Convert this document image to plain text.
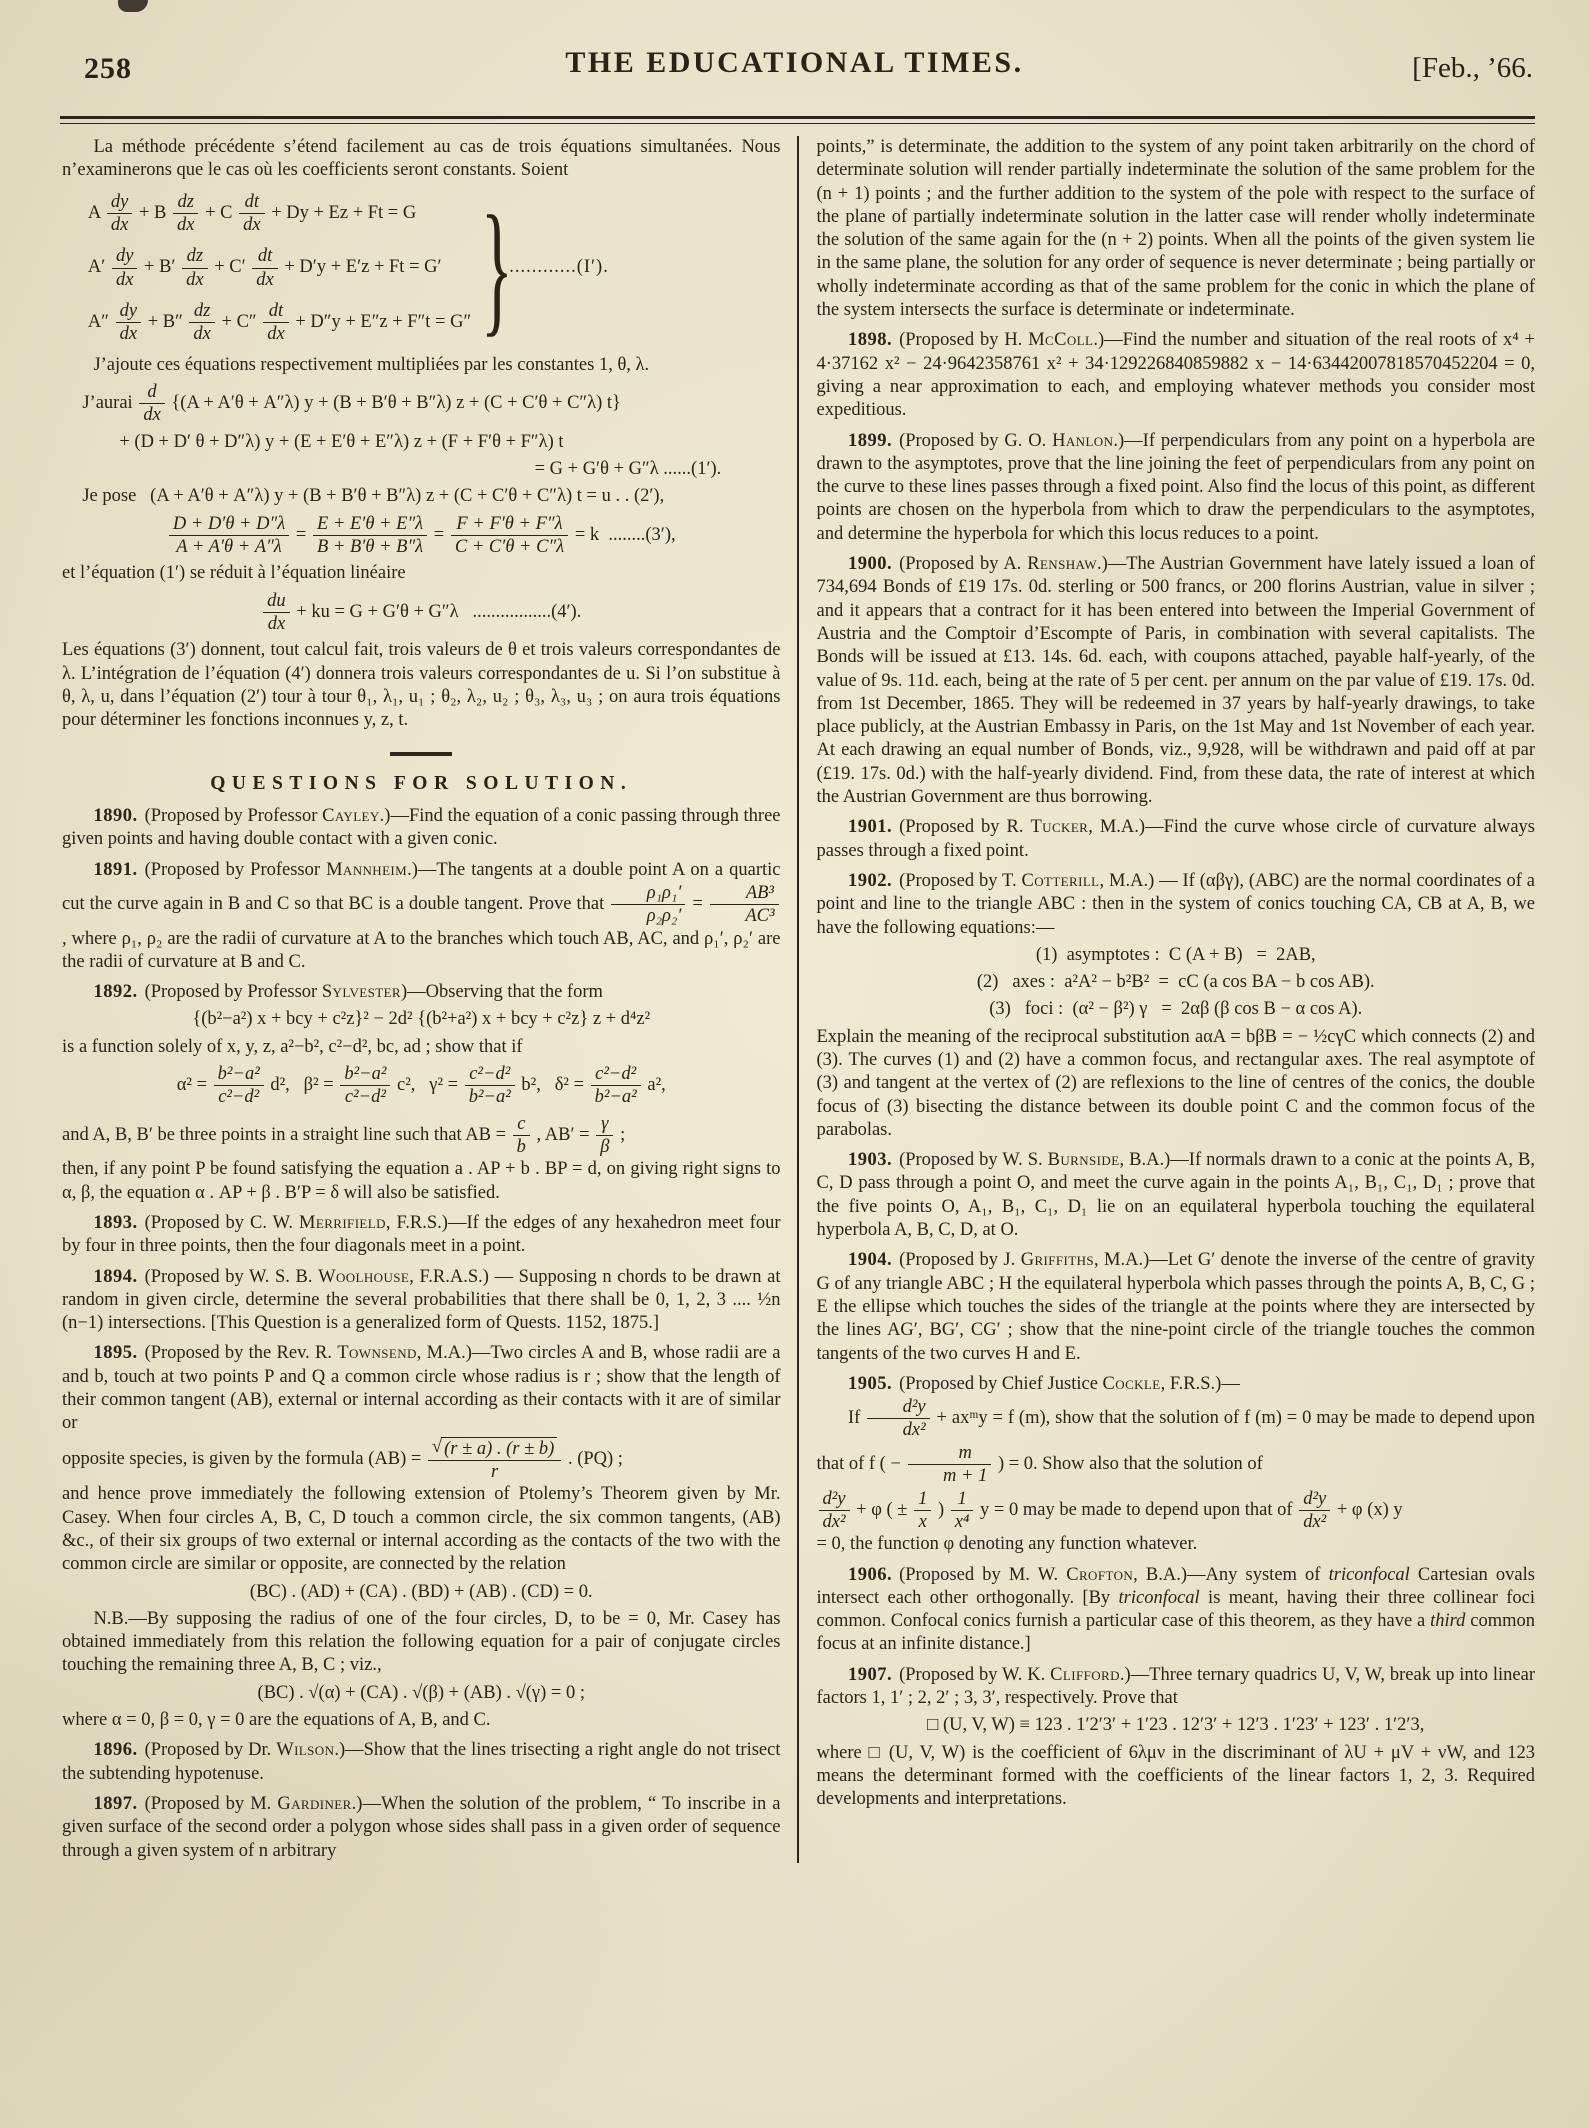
258	THE EDUCATIONAL TIMES.	[Feb., ’66.

La méthode précédente s’étend facilement au cas de trois équations simultanées. Nous n’examinerons que le cas où les coefficients seront constants. Soient

A $\frac{dy}{dx} + B \frac{dz}{dx} + C \frac{dt}{dx} + Dy + Ez + Ft = G$
$A' \frac{dy}{dx} + B' \frac{dz}{dx} + C' \frac{dt}{dx} + D'y + E'z + Ft = G'$
$A'' \frac{dy}{dx} + B'' \frac{dz}{dx} + C'' \frac{dt}{dx} + D''y + E''z + F''t = G''$ }
............(I′).

J’ajoute ces équations respectivement multipliées par les constantes 1, θ, λ.

J’aurai $\frac{d}{dx} \{(A + A'\theta + A''\lambda) y + (B + B'\theta + B''\lambda) z + (C + C'\theta + C''\lambda)$ t}
+ (D + D′ θ + D″λ) y + (E + E′θ + E″λ) z + (F + F′θ + F″λ) t
= G + G′θ + G″λ ......(1′).
Je pose   (A + A′θ + A″λ) y + (B + B′θ + B″λ) z + (C + C′θ + C″λ) t = u . . (2′),
$\frac{D + D'\theta + D''\lambda}{A + A'\theta + A''\lambda} = \frac{E + E'\theta + E''\lambda}{B + B'\theta + B''\lambda} = \frac{F + F'\theta + F''\lambda}{C + C'\theta + C''\lambda} = k$  ........(3′),

et l’équation (1′) se réduit à l’équation linéaire

$\frac{du}{dx}$ + ku = G + G′θ + G″λ   .................(4′).

Les équations (3′) donnent, tout calcul fait, trois valeurs de θ et trois valeurs correspondantes de λ. L’intégration de l’équation (4′) donnera trois valeurs correspondantes de u. Si l’on substitue à θ, λ, u, dans l’équation (2′) tour à tour θ₁, λ₁, u₁ ; θ₂, λ₂, u₂ ; θ₃, λ₃, u₃ ; on aura trois équations pour déterminer les fonctions inconnues y, z, t.

QUESTIONS FOR SOLUTION.

1890. (Proposed by Professor Cayley.)—Find the equation of a conic passing through three given points and having double contact with a given conic.

1891. (Proposed by Professor Mannheim.)—The tangents at a double point A on a quartic cut the curve again in B and C so that BC is a double tangent. Prove that $\frac{\text{ρ₁ρ₁′}}{\text{ρ₂ρ₂′}} = \frac{\text{AB³}}{\text{AC³}}$
, where ρ₁, ρ₂ are the radii of curvature at A to the branches which touch AB, AC, and ρ₁′, ρ₂′ are the radii of curvature at B and C.

1892. (Proposed by Professor Sylvester)—Observing that the form

{(b²−a²) x + bcy + c²z}² − 2d² {(b²+a²) x + bcy + c²z} z + d⁴z²

is a function solely of x, y, z, a²−b², c²−d², bc, ad ; show that if

$\alpha^2 = \frac{\text{b²−a²}}{\text{c²−d²}} d^2$,   $\beta^2 = \frac{\text{b²−a²}}{\text{c²−d²}} c^2$,   $\gamma^2 = \frac{\text{c²−d²}}{\text{b²−a²}} b^2$,   $\delta^2 = \frac{\text{c²−d²}}{\text{b²−a²}} a^2$,

and A, B, B′ be three points in a straight line such that AB = $\frac{c}{b}$ , $AB' = \frac{\gamma}{\beta}$ ;

then, if any point P be found satisfying the equation a . AP + b . BP = d, on giving right signs to α, β, the equation α . AP + β . B′P = δ will also be satisfied.

1893. (Proposed by C. W. Merrifield, F.R.S.)—If the edges of any hexahedron meet four by four in three points, then the four diagonals meet in a point.

1894. (Proposed by W. S. B. Woolhouse, F.R.A.S.) — Supposing n chords to be drawn at random in given circle, determine the several probabilities that there shall be 0, 1, 2, 3 .... ½n (n−1) intersections. [This Question is a generalized form of Quests. 1152, 1875.]

1895. (Proposed by the Rev. R. Townsend, M.A.)—Two circles A and B, whose radii are a and b, touch at two points P and Q a common circle whose radius is r ; show that the length of their common tangent (AB), external or internal according as their contacts with it are of similar or

opposite species, is given by the formula $(AB) = \frac{√ (r \pm a) . (r \pm b)}{r}$ . (PQ) ;

and hence prove immediately the following extension of Ptolemy’s Theorem given by Mr. Casey. When four circles A, B, C, D touch a common circle, the six common tangents, (AB) &c., of their six groups of two external or internal according as the contacts of the two with the common circle are similar or opposite, are connected by the relation

(BC) . (AD) + (CA) . (BD) + (AB) . (CD) = 0.

N.B.—By supposing the radius of one of the four circles, D, to be = 0, Mr. Casey has obtained immediately from this relation the following equation for a pair of conjugate circles touching the remaining three A, B, C ; viz.,

(BC) . √(α) + (CA) . √(β) + (AB) . √(γ) = 0 ;

where α = 0, β = 0, γ = 0 are the equations of A, B, and C.

1896. (Proposed by Dr. Wilson.)—Show that the lines trisecting a right angle do not trisect the subtending hypotenuse.

1897. (Proposed by M. Gardiner.)—When the solution of the problem, “ To inscribe in a given surface of the second order a polygon whose sides shall pass in a given order of sequence through a given system of n arbitrary

points,” is determinate, the addition to the system of any point taken arbitrarily on the chord of determinate solution will render partially indeterminate the solution of the same problem for the (n + 1) points ; and the further addition to the system of the pole with respect to the surface of the plane of partially indeterminate solution in the latter case will render wholly indeterminate the solution of the same again for the (n + 2) points. When all the points of the given system lie in the same plane, the solution for any order of sequence is never determinate ; being partially or wholly indeterminate according as that of the same problem for the conic in which the plane of the system intersects the surface is determinate or indeterminate.

1898. (Proposed by H. McColl.)—Find the number and situation of the real roots of x⁴ + 4·37162 x² − 24·9642358761 x² + 34·129226840859882 x − 14·63442007818570452204 = 0, giving a near approximation to each, and employing whatever methods you consider most expeditious.

1899. (Proposed by G. O. Hanlon.)—If perpendiculars from any point on a hyperbola are drawn to the asymptotes, prove that the line joining the feet of perpendiculars from any point on the curve to these lines passes through a fixed point. Also find the locus of this point, as different points are chosen on the hyperbola from which to draw the perpendiculars to the asymptotes, and determine the hyperbola for which this locus reduces to a point.

1900. (Proposed by A. Renshaw.)—The Austrian Government have lately issued a loan of 734,694 Bonds of £19 17s. 0d. sterling or 500 francs, or 200 florins Austrian, value in silver ; and it appears that a contract for it has been entered into between the Imperial Government of Austria and the Comptoir d’Escompte of Paris, in combination with several capitalists. The Bonds will be issued at £13. 14s. 6d. each, with coupons attached, payable half-yearly, of the value of 9s. 11d. each, being at the rate of 5 per cent. per annum on the par value of £19. 17s. 0d. from 1st December, 1865. They will be redeemed in 37 years by half-yearly drawings, to take place publicly, at the Austrian Embassy in Paris, on the 1st May and 1st November of each year. At each drawing an equal number of Bonds, viz., 9,928, will be withdrawn and paid off at par (£19. 17s. 0d.) with the half-yearly dividend. Find, from these data, the rate of interest at which the Austrian Government are thus borrowing.

1901. (Proposed by R. Tucker, M.A.)—Find the curve whose circle of curvature always passes through a fixed point.

1902. (Proposed by T. Cotterill, M.A.) — If (αβγ), (ABC) are the normal coordinates of a point and line to the triangle ABC : then in the system of conics touching CA, CB at A, B, we have the following equations:—

(1)  asymptotes :  C (A + B)   =  2AB,
(2)   axes :  a²A² − b²B²  =  cC (a cos BA − b cos AB).
(3)   foci :  (α² − β²) γ   =  2αβ (β cos B − α cos A).

Explain the meaning of the reciprocal substitution aαA = bβB = − ½cγC which connects (2) and (3). The curves (1) and (2) have a common focus, and rectangular axes. The real asymptote of (3) and tangent at the vertex of (2) are reflexions to the line of centres of the conics, the double focus of (3) bisecting the distance between its double point C and the common focus of the parabolas.

1903. (Proposed by W. S. Burnside, B.A.)—If normals drawn to a conic at the points A, B, C, D pass through a point O, and meet the curve again in the points A₁, B₁, C₁, D₁ ; prove that the five points O, A₁, B₁, C₁, D₁ lie on an equilateral hyperbola touching the equilateral hyperbola A, B, C, D, at O.

1904. (Proposed by J. Griffiths, M.A.)—Let G′ denote the inverse of the centre of gravity G of any triangle ABC ; H the equilateral hyperbola which passes through the points A, B, C, G ; E the ellipse which touches the sides of the triangle at the points where they are intersected by the lines AG′, BG′, CG′ ; show that the nine-point circle of the triangle touches the common tangents of the two curves H and E.

1905. (Proposed by Chief Justice Cockle, F.R.S.)—

If $\frac{\text{d²y}}{\text{dx²}}$ + axᵐy = f (m), show that the solution of f (m) = 0 may be made to depend upon that of f ( − $\frac{m}{m + 1}$ ) = 0. Show also that the solution of

$\frac{\text{d²y}}{\text{dx²}} + \varphi$ ( ± $\frac{1}{x}$ ) $\frac{1}{\text{x⁴}}$ y = 0 may be made to depend upon that of $\frac{\text{d²y}}{\text{dx²}} + \varphi$ (x) y

= 0, the function φ denoting any function whatever.

1906. (Proposed by M. W. Crofton, B.A.)—Any system of triconfocal Cartesian ovals intersect each other orthogonally. [By triconfocal is meant, having their three collinear foci common. Confocal conics furnish a particular case of this theorem, as they have a third common focus at an infinite distance.]

1907. (Proposed by W. K. Clifford.)—Three ternary quadrics U, V, W, break up into linear factors 1, 1′ ; 2, 2′ ; 3, 3′, respectively. Prove that

□ (U, V, W) ≡ 123 . 1′2′3′ + 1′23 . 12′3′ + 12′3 . 1′23′ + 123′ . 1′2′3,

where □ (U, V, W) is the coefficient of 6λμν in the discriminant of λU + μV + νW, and 123 means the determinant formed with the coefficients of the linear factors 1, 2, 3. Required developments and interpretations.
